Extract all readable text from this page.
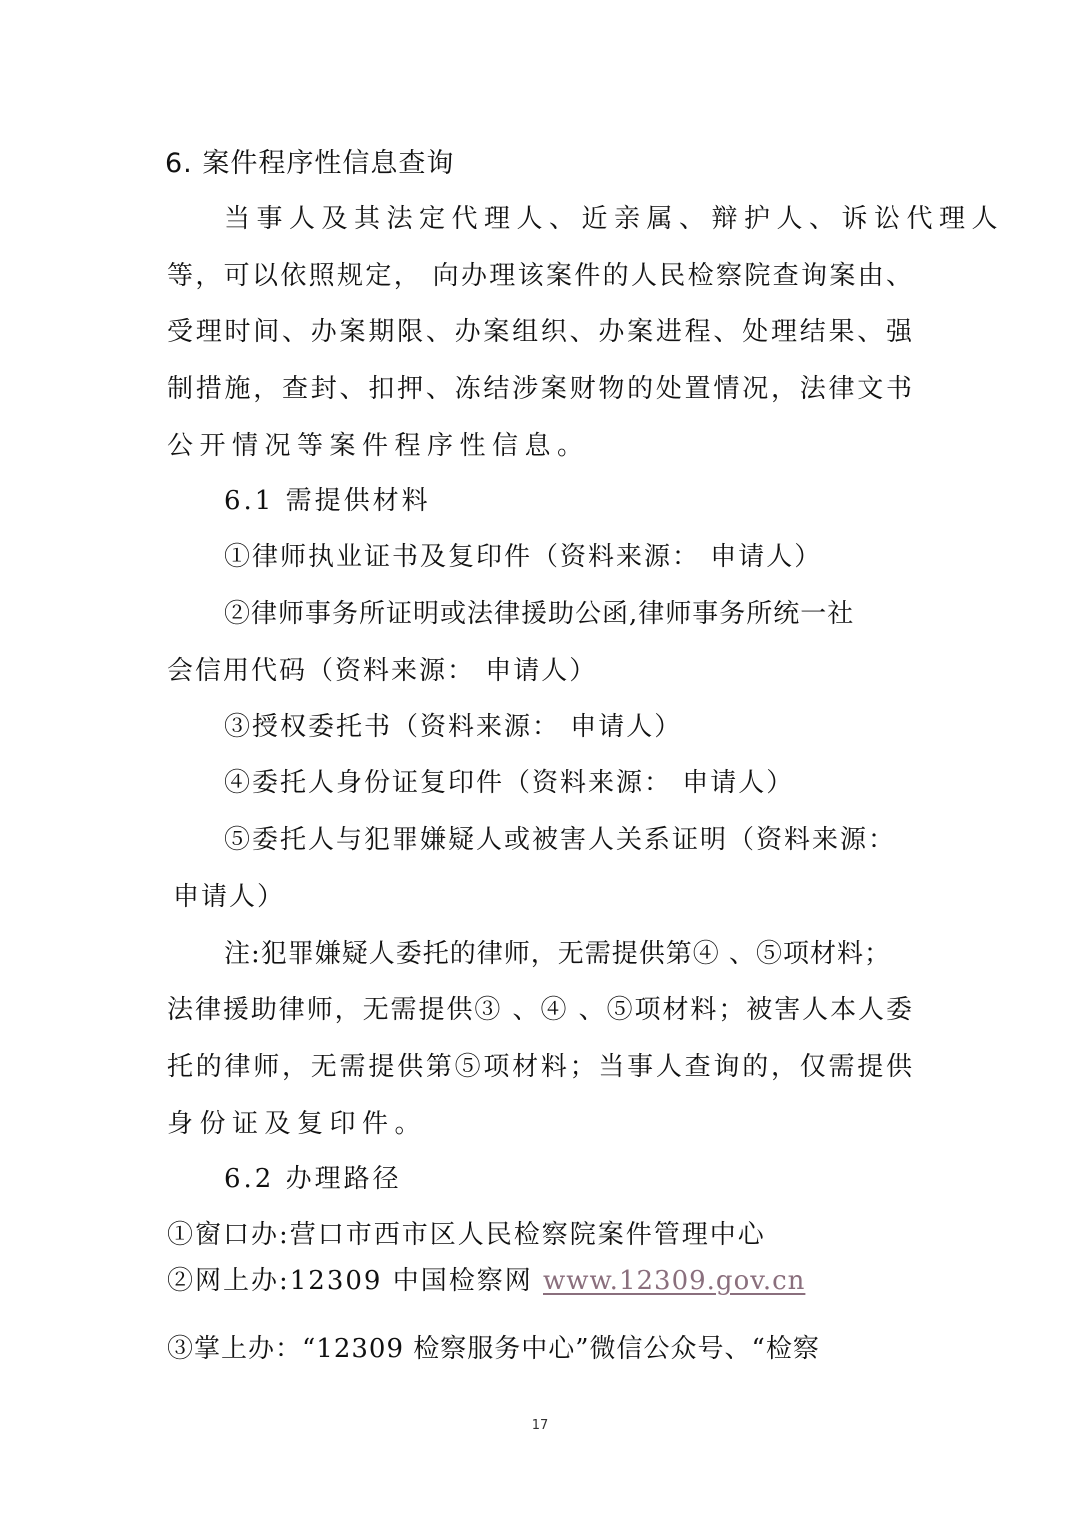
6. 案件程序性信息查询
当事人及其法定代理人、近亲属、辩护人、诉讼代理人
等，可以依照规定， 向办理该案件的人民检察院查询案由、
受理时间、办案期限、办案组织、办案进程、处理结果、强
制措施，查封、扣押、冻结涉案财物的处置情况，法律文书
公开情况等案件程序性信息。
6.1 需提供材料
①律师执业证书及复印件（资料来源： 申请人）
②律师事务所证明或法律援助公函,律师事务所统一社
会信用代码（资料来源： 申请人）
③授权委托书（资料来源： 申请人）
④委托人身份证复印件（资料来源： 申请人）
⑤委托人与犯罪嫌疑人或被害人关系证明（资料来源：
申请人）
注:犯罪嫌疑人委托的律师，无需提供第④ 、⑤项材料；
法律援助律师，无需提供③ 、④ 、⑤项材料；被害人本人委
托的律师，无需提供第⑤项材料；当事人查询的，仅需提供
身份证及复印件。
6.2 办理路径
①窗口办:营口市西市区人民检察院案件管理中心
②网上办:12309 中国检察网 www.12309.gov.cn
③掌上办：“12309 检察服务中心”微信公众号、“检察
17
